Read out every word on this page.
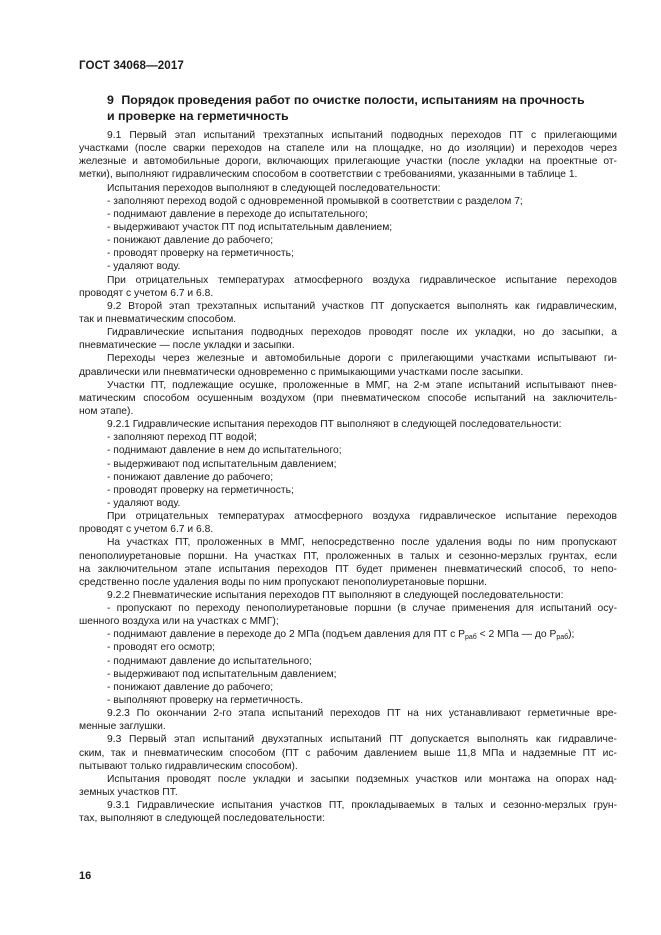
ГОСТ 34068—2017
9 Порядок проведения работ по очистке полости, испытаниям на прочность
и проверке на герметичность
9.1 Первый этап испытаний трехэтапных испытаний подводных переходов ПТ с прилегающими
участками (после сварки переходов на стапеле или на площадке, но до изоляции) и переходов через
железные и автомобильные дороги, включающих прилегающие участки (после укладки на проектные от-
метки), выполняют гидравлическим способом в соответствии с требованиями, указанными в таблице 1.
Испытания переходов выполняют в следующей последовательности:
- заполняют переход водой с одновременной промывкой в соответствии с разделом 7;
- поднимают давление в переходе до испытательного;
- выдерживают участок ПТ под испытательным давлением;
- понижают давление до рабочего;
- проводят проверку на герметичность;
- удаляют воду.
При отрицательных температурах атмосферного воздуха гидравлическое испытание переходов
проводят с учетом 6.7 и 6.8.
9.2 Второй этап трехэтапных испытаний участков ПТ допускается выполнять как гидравлическим,
так и пневматическим способом.
Гидравлические испытания подводных переходов проводят после их укладки, но до засыпки, а
пневматические — после укладки и засыпки.
Переходы через железные и автомобильные дороги с прилегающими участками испытывают ги-
дравлически или пневматически одновременно с примыкающими участками после засыпки.
Участки ПТ, подлежащие осушке, проложенные в ММГ, на 2-м этапе испытаний испытывают пнев-
матическим способом осушенным воздухом (при пневматическом способе испытаний на заключитель-
ном этапе).
9.2.1 Гидравлические испытания переходов ПТ выполняют в следующей последовательности:
- заполняют переход ПТ водой;
- поднимают давление в нем до испытательного;
- выдерживают под испытательным давлением;
- понижают давление до рабочего;
- проводят проверку на герметичность;
- удаляют воду.
При отрицательных температурах атмосферного воздуха гидравлическое испытание переходов
проводят с учетом 6.7 и 6.8.
На участках ПТ, проложенных в ММГ, непосредственно после удаления воды по ним пропускают
пенополиуретановые поршни. На участках ПТ, проложенных в талых и сезонно-мерзлых грунтах, если
на заключительном этапе испытания переходов ПТ будет применен пневматический способ, то непо-
средственно после удаления воды по ним пропускают пенополиуретановые поршни.
9.2.2 Пневматические испытания переходов ПТ выполняют в следующей последовательности:
- пропускают по переходу пенополиуретановые поршни (в случае применения для испытаний осу-
шенного воздуха или на участках с ММГ);
- поднимают давление в переходе до 2 МПа (подъем давления для ПТ с $Р_{раб} < 2$ МПа — до $Р_{раб}$);
- проводят его осмотр;
- поднимают давление до испытательного;
- выдерживают под испытательным давлением;
- понижают давление до рабочего;
- выполняют проверку на герметичность.
9.2.3 По окончании 2-го этапа испытаний переходов ПТ на них устанавливают герметичные вре-
менные заглушки.
9.3 Первый этап испытаний двухэтапных испытаний ПТ допускается выполнять как гидравличе-
ским, так и пневматическим способом (ПТ с рабочим давлением выше 11,8 МПа и надземные ПТ ис-
пытывают только гидравлическим способом).
Испытания проводят после укладки и засыпки подземных участков или монтажа на опорах над-
земных участков ПТ.
9.3.1 Гидравлические испытания участков ПТ, прокладываемых в талых и сезонно-мерзлых грун-
тах, выполняют в следующей последовательности:
16
